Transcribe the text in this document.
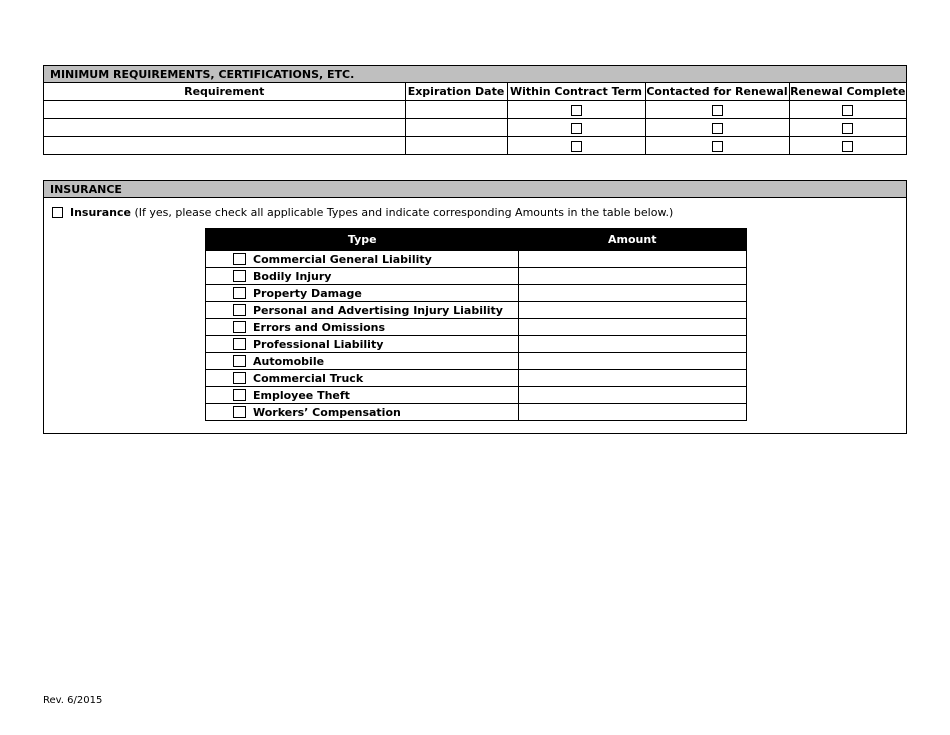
MINIMUM REQUIREMENTS, CERTIFICATIONS, ETC.
Requirement	Expiration Date	Within Contract Term	Contacted for Renewal	Renewal Complete

INSURANCE
Insurance (If yes, please check all applicable Types and indicate corresponding Amounts in the table below.)
Type	Amount
Commercial General Liability	
Bodily Injury	
Property Damage	
Personal and Advertising Injury Liability	
Errors and Omissions	
Professional Liability	
Automobile	
Commercial Truck	
Employee Theft	
Workers’ Compensation	
Rev. 6/2015
